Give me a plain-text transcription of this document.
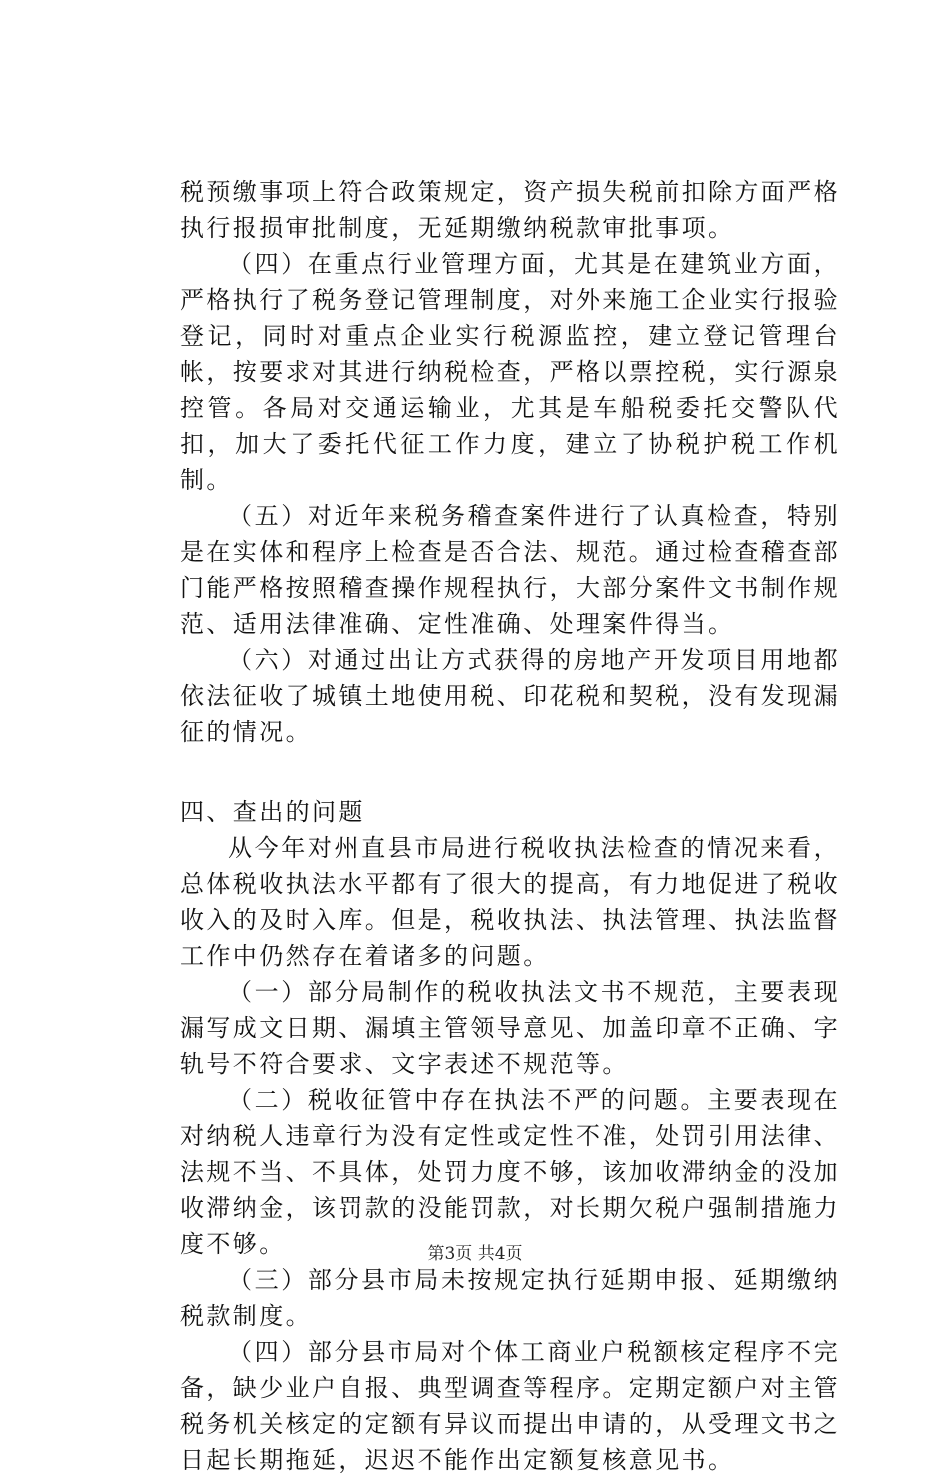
税预缴事项上符合政策规定，资产损失税前扣除方面严格执行报损审批制度，无延期缴纳税款审批事项。

（四）在重点行业管理方面，尤其是在建筑业方面，严格执行了税务登记管理制度，对外来施工企业实行报验登记，同时对重点企业实行税源监控，建立登记管理台帐，按要求对其进行纳税检查，严格以票控税，实行源泉控管。各局对交通运输业，尤其是车船税委托交警队代扣，加大了委托代征工作力度，建立了协税护税工作机制。

（五）对近年来税务稽查案件进行了认真检查，特别是在实体和程序上检查是否合法、规范。通过检查稽查部门能严格按照稽查操作规程执行，大部分案件文书制作规范、适用法律准确、定性准确、处理案件得当。

（六）对通过出让方式获得的房地产开发项目用地都依法征收了城镇土地使用税、印花税和契税，没有发现漏征的情况。

四、查出的问题

从今年对州直县市局进行税收执法检查的情况来看，总体税收执法水平都有了很大的提高，有力地促进了税收收入的及时入库。但是，税收执法、执法管理、执法监督工作中仍然存在着诸多的问题。

（一）部分局制作的税收执法文书不规范，主要表现漏写成文日期、漏填主管领导意见、加盖印章不正确、字轨号不符合要求、文字表述不规范等。

（二）税收征管中存在执法不严的问题。主要表现在对纳税人违章行为没有定性或定性不准，处罚引用法律、法规不当、不具体，处罚力度不够，该加收滞纳金的没加收滞纳金，该罚款的没能罚款，对长期欠税户强制措施力度不够。

（三）部分县市局未按规定执行延期申报、延期缴纳税款制度。

（四）部分县市局对个体工商业户税额核定程序不完备，缺少业户自报、典型调查等程序。定期定额户对主管税务机关核定的定额有异议而提出申请的，从受理文书之日起长期拖延，迟迟不能作出定额复核意见书。

第3页 共4页
